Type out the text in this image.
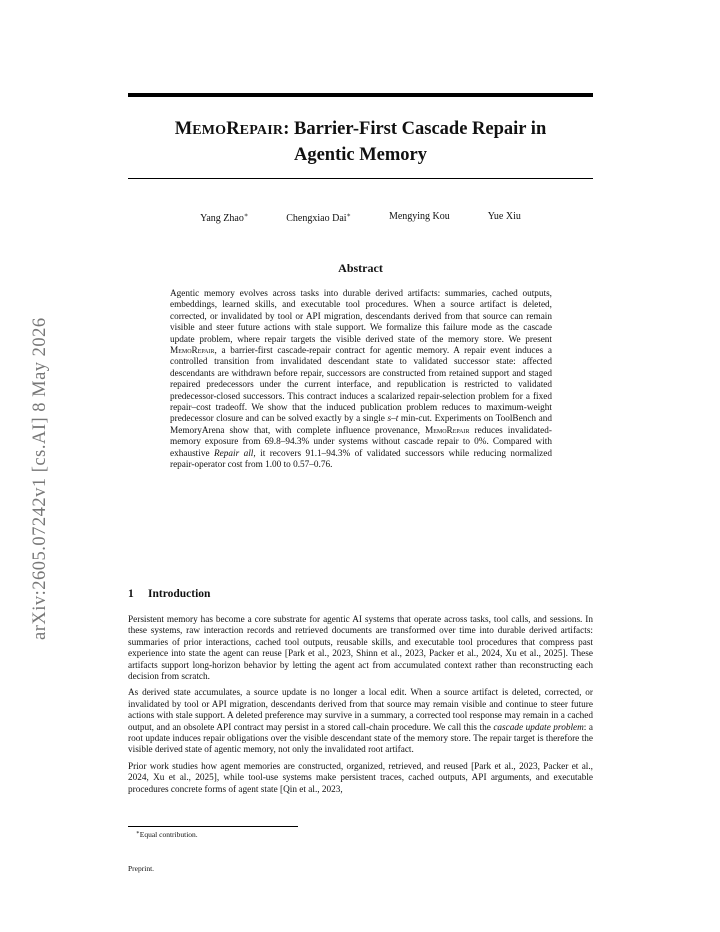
arXiv:2605.07242v1 [cs.AI] 8 May 2026
MEMOREPAIR: Barrier-First Cascade Repair in
Agentic Memory
Yang Zhao∗	Chengxiao Dai∗	Mengying Kou	Yue Xiu
Abstract

Agentic memory evolves across tasks into durable derived artifacts: summaries, cached outputs, embeddings, learned skills, and executable tool procedures. When a source artifact is deleted, corrected, or invalidated by tool or API migration, descendants derived from that source can remain visible and steer future actions with stale support. We formalize this failure mode as the cascade update problem, where repair targets the visible derived state of the memory store. We present MemoRepair, a barrier-first cascade-repair contract for agentic memory. A repair event induces a controlled transition from invalidated descendant state to validated successor state: affected descendants are withdrawn before repair, successors are constructed from retained support and staged repaired predecessors under the current interface, and republication is restricted to validated predecessor-closed successors. This contract induces a scalarized repair-selection problem for a fixed repair–cost tradeoff. We show that the induced publication problem reduces to maximum-weight predecessor closure and can be solved exactly by a single s–t min-cut. Experiments on ToolBench and MemoryArena show that, with complete influence provenance, MemoRepair reduces invalidated-memory exposure from 69.8–94.3% under systems without cascade repair to 0%. Compared with exhaustive Repair all, it recovers 91.1–94.3% of validated successors while reducing normalized repair-operator cost from 1.00 to 0.57–0.76.

1 Introduction

Persistent memory has become a core substrate for agentic AI systems that operate across tasks, tool calls, and sessions. In these systems, raw interaction records and retrieved documents are transformed over time into durable derived artifacts: summaries of prior interactions, cached tool outputs, reusable skills, and executable tool procedures that compress past experience into state the agent can reuse [Park et al., 2023, Shinn et al., 2023, Packer et al., 2024, Xu et al., 2025]. These artifacts support long-horizon behavior by letting the agent act from accumulated context rather than reconstructing each decision from scratch.

As derived state accumulates, a source update is no longer a local edit. When a source artifact is deleted, corrected, or invalidated by tool or API migration, descendants derived from that source may remain visible and continue to steer future actions with stale support. A deleted preference may survive in a summary, a corrected tool response may remain in a cached output, and an obsolete API contract may persist in a stored call-chain procedure. We call this the cascade update problem: a root update induces repair obligations over the visible descendant state of the memory store. The repair target is therefore the visible derived state of agentic memory, not only the invalidated root artifact.

Prior work studies how agent memories are constructed, organized, retrieved, and reused [Park et al., 2023, Packer et al., 2024, Xu et al., 2025], while tool-use systems make persistent traces, cached outputs, API arguments, and executable procedures concrete forms of agent state [Qin et al., 2023,

∗Equal contribution.
Preprint.
